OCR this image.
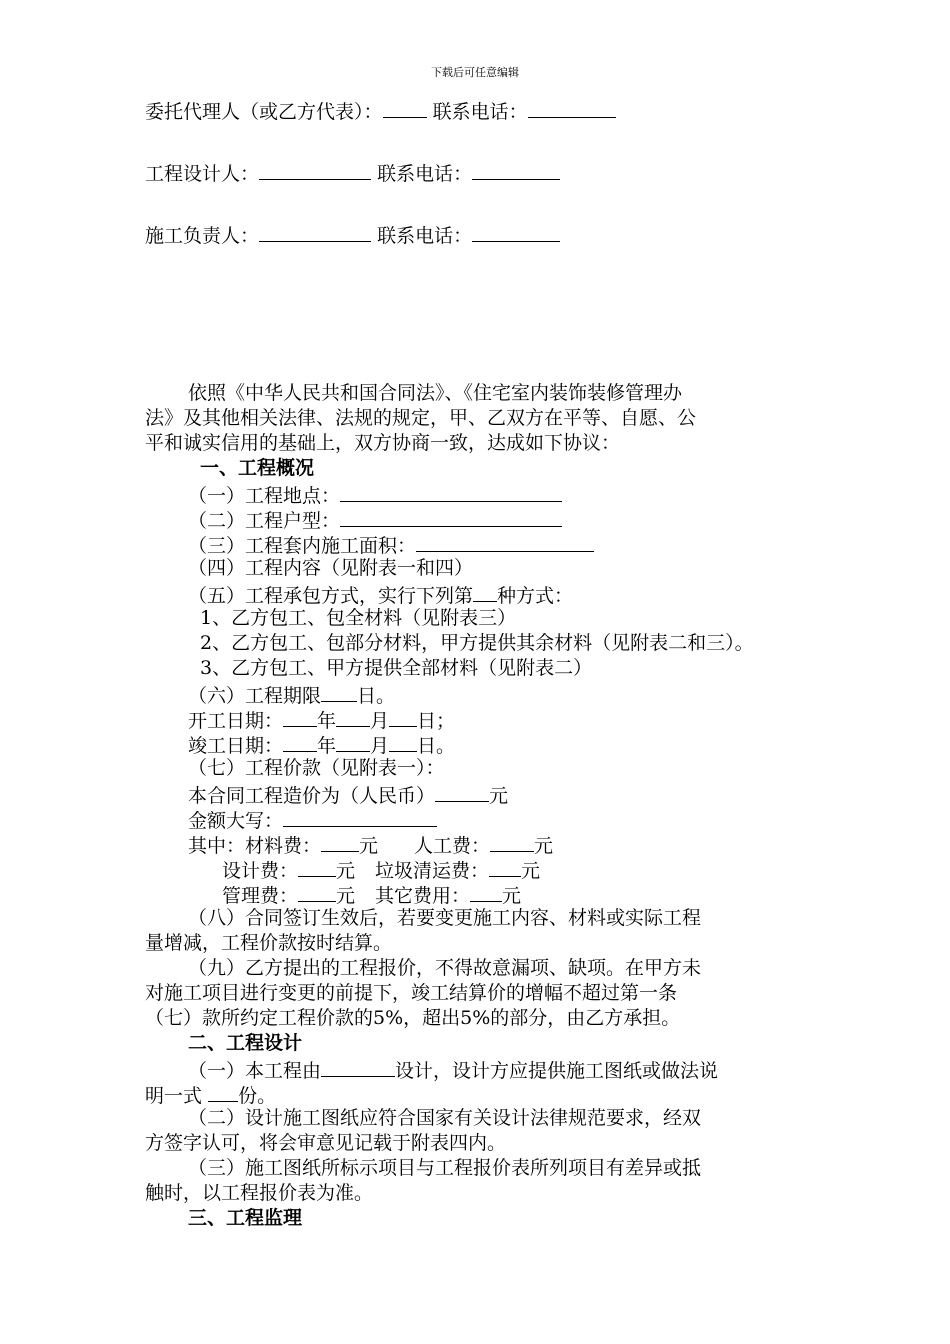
下载后可任意编辑
委托代理人（或乙方代表）：	联系电话：
工程设计人：	联系电话：
施工负责人：	联系电话：
依照《中华人民共和国合同法》、《住宅室内装饰装修管理办
法》及其他相关法律、法规的规定，甲、乙双方在平等、自愿、公
平和诚实信用的基础上，双方协商一致，达成如下协议：
一、工程概况
（一）工程地点：
（二）工程户型：
（三）工程套内施工面积：
（四）工程内容（见附表一和四）
（五）工程承包方式，实行下列第 种方式：
1、乙方包工、包全材料（见附表三）
2、乙方包工、包部分材料，甲方提供其余材料（见附表二和三）。
3、乙方包工、甲方提供全部材料（见附表二）
（六）工程期限 日。
开工日期： 年 月 日；
竣工日期： 年 月 日。
（七）工程价款（见附表一）：
本合同工程造价为（人民币）	元
金额大写：
其中：材料费： 元 人工费： 元
设计费： 元 垃圾清运费： 元
管理费： 元 其它费用： 元
（八）合同签订生效后，若要变更施工内容、材料或实际工程
量增减，工程价款按时结算。
（九）乙方提出的工程报价，不得故意漏项、缺项。在甲方未
对施工项目进行变更的前提下，竣工结算价的增幅不超过第一条
（七）款所约定工程价款的5%，超出5%的部分，由乙方承担。
二、工程设计
（一）本工程由	设计，设计方应提供施工图纸或做法说
明一式 份。
（二）设计施工图纸应符合国家有关设计法律规范要求，经双
方签字认可，将会审意见记载于附表四内。
（三）施工图纸所标示项目与工程报价表所列项目有差异或抵
触时，以工程报价表为准。
三、工程监理
